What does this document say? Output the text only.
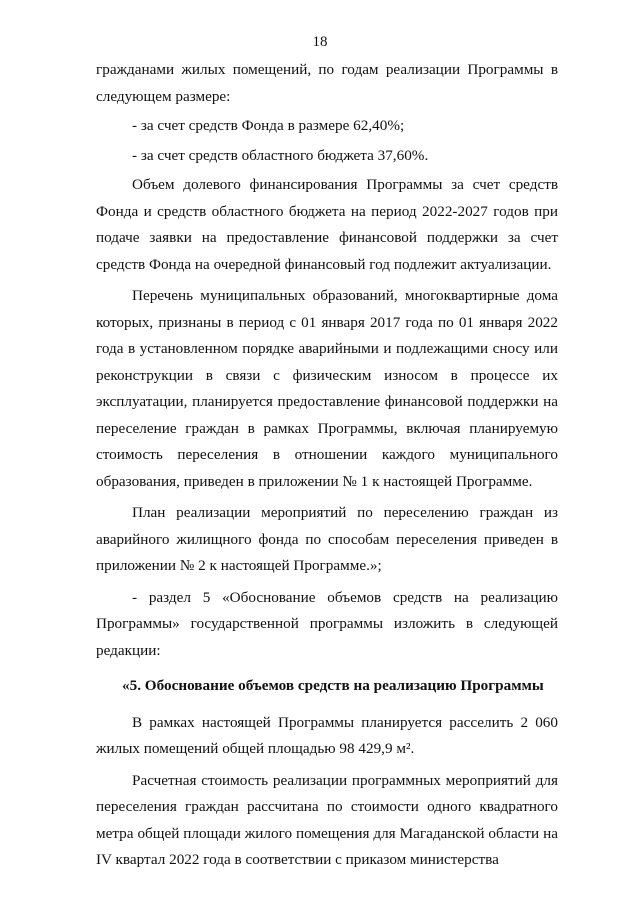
18

гражданами жилых помещений, по годам реализации Программы в следующем размере:

- за счет средств Фонда в размере 62,40%;

- за счет средств областного бюджета 37,60%.

Объем долевого финансирования Программы за счет средств Фонда и средств областного бюджета на период 2022-2027 годов при подаче заявки на предоставление финансовой поддержки за счет средств Фонда на очередной финансовый год подлежит актуализации.

Перечень муниципальных образований, многоквартирные дома которых, признаны в период с 01 января 2017 года по 01 января 2022 года в установленном порядке аварийными и подлежащими сносу или реконструкции в связи с физическим износом в процессе их эксплуатации, планируется предоставление финансовой поддержки на переселение граждан в рамках Программы, включая планируемую стоимость переселения в отношении каждого муниципального образования, приведен в приложении № 1 к настоящей Программе.

План реализации мероприятий по переселению граждан из аварийного жилищного фонда по способам переселения приведен в приложении № 2 к настоящей Программе.»;

- раздел 5 «Обоснование объемов средств на реализацию Программы» государственной программы изложить в следующей редакции:

«5. Обоснование объемов средств на реализацию Программы

В рамках настоящей Программы планируется расселить 2 060 жилых помещений общей площадью 98 429,9 м².

Расчетная стоимость реализации программных мероприятий для переселения граждан рассчитана по стоимости одного квадратного метра общей площади жилого помещения для Магаданской области на IV квартал 2022 года в соответствии с приказом министерства
